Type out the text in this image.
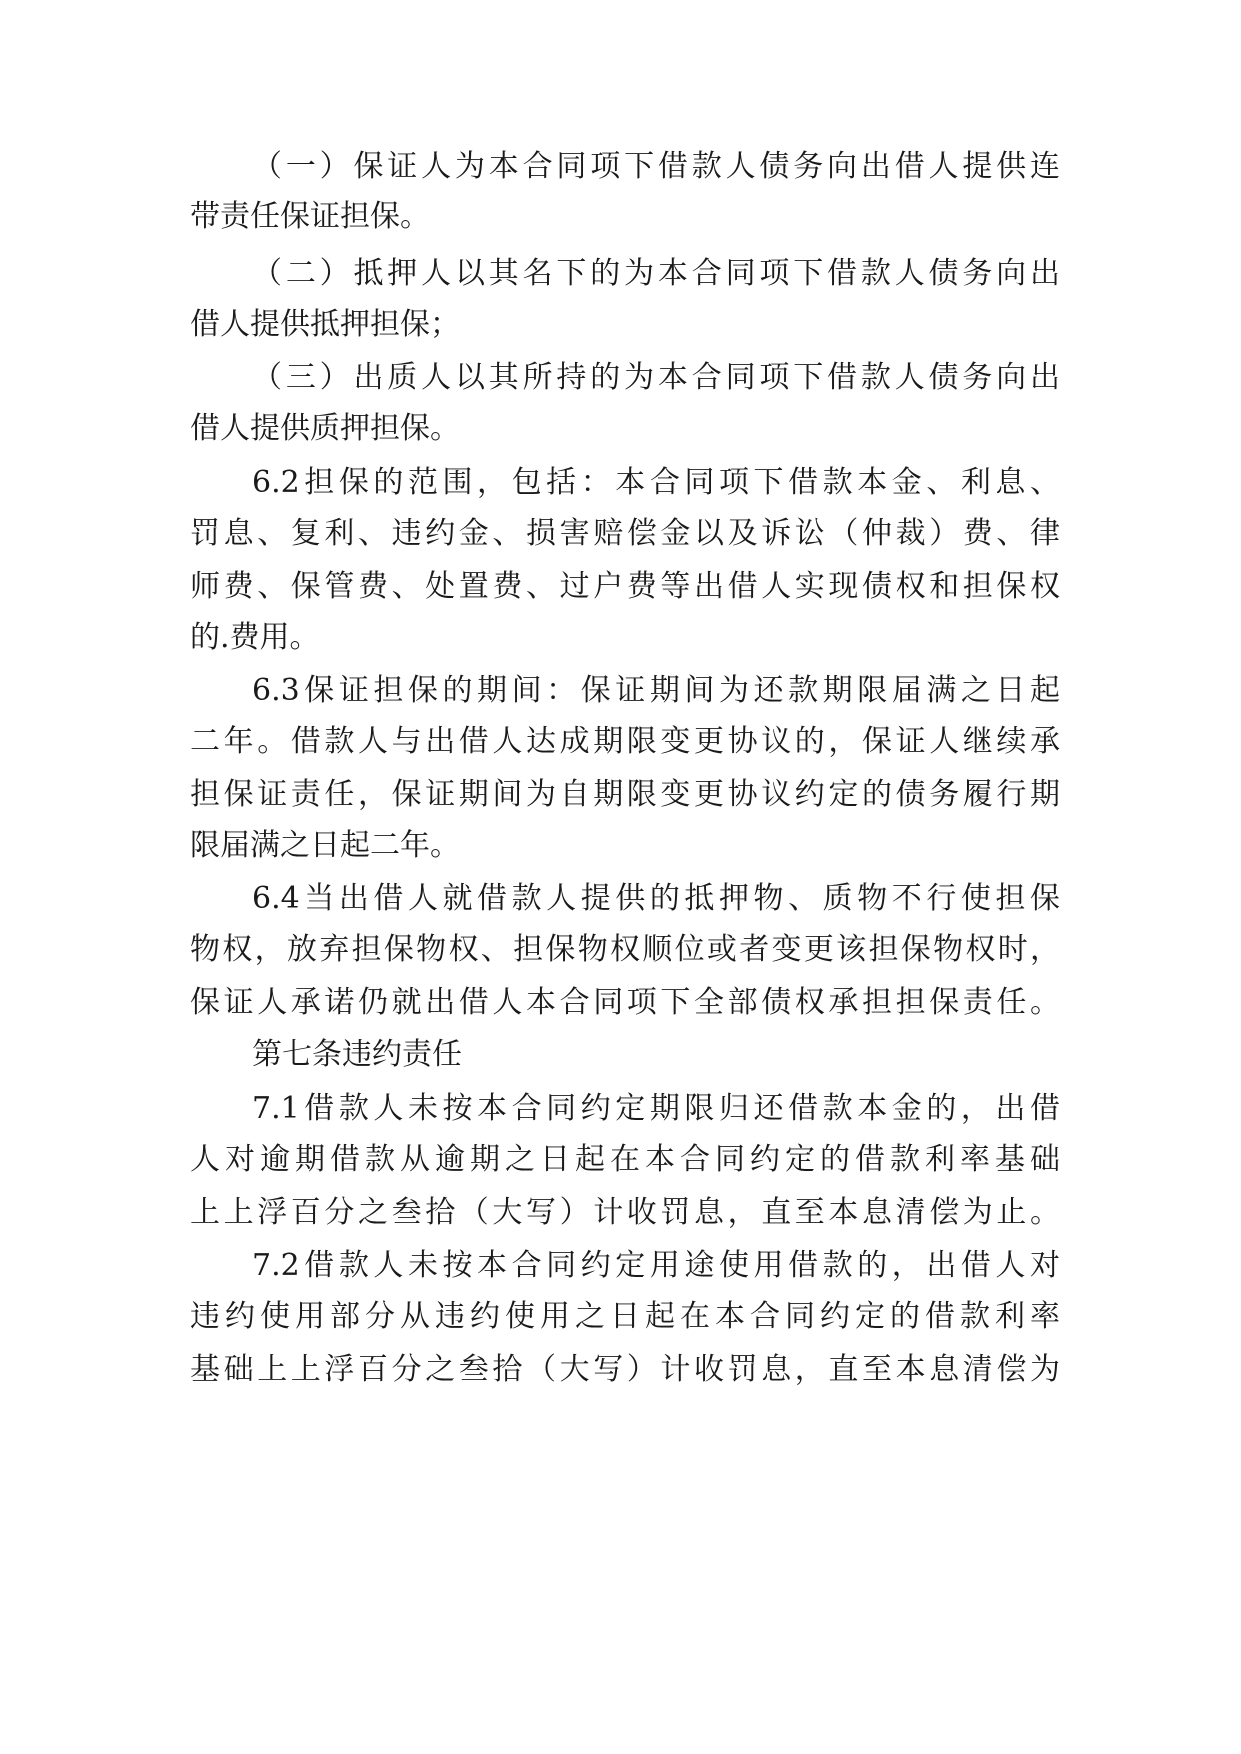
（一）保证人为本合同项下借款人债务向出借人提供连
带责任保证担保。
（二）抵押人以其名下的为本合同项下借款人债务向出
借人提供抵押担保；
（三）出质人以其所持的为本合同项下借款人债务向出
借人提供质押担保。
6.2担保的范围，包括：本合同项下借款本金、利息、
罚息、复利、违约金、损害赔偿金以及诉讼（仲裁）费、律
师费、保管费、处置费、过户费等出借人实现债权和担保权
的.费用。
6.3保证担保的期间：保证期间为还款期限届满之日起
二年。借款人与出借人达成期限变更协议的，保证人继续承
担保证责任，保证期间为自期限变更协议约定的债务履行期
限届满之日起二年。
6.4当出借人就借款人提供的抵押物、质物不行使担保
物权，放弃担保物权、担保物权顺位或者变更该担保物权时，
保证人承诺仍就出借人本合同项下全部债权承担担保责任。
第七条违约责任
7.1借款人未按本合同约定期限归还借款本金的，出借
人对逾期借款从逾期之日起在本合同约定的借款利率基础
上上浮百分之叁拾（大写）计收罚息，直至本息清偿为止。
7.2借款人未按本合同约定用途使用借款的，出借人对
违约使用部分从违约使用之日起在本合同约定的借款利率
基础上上浮百分之叁拾（大写）计收罚息，直至本息清偿为
